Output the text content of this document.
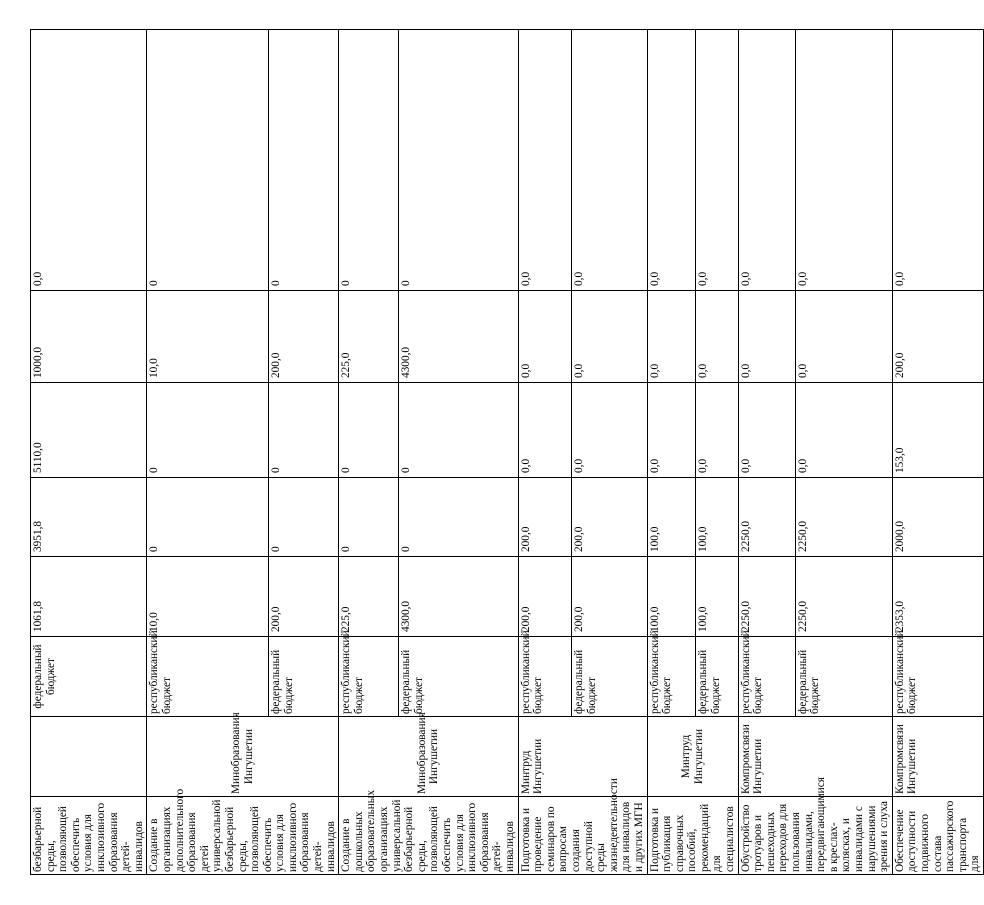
безбарьерной среды, позволяющей обеспечить условия для инклюзивного образования детей-инвалидов		федеральный бюджет	1061,8	3951,8	5110,0	1000,0	0,0
Создание в организациях дополнительного образования детей универсальной безбарьерной среды, позволяющей обеспечить условия для инклюзивного образования детей-инвалидов	Минобразования Ингушетии	республиканский бюджет	10,0	0	0	10,0	0
		федеральный бюджет	200,0	0	0	200,0	0
Создание в дошкольных образовательных организациях универсальной безбарьерной среды, позволяющей обеспечить условия для инклюзивного образования детей-инвалидов	Минобразования Ингушетии	республиканский бюджет	225,0	0	0	225,0	0
		федеральный бюджет	4300,0	0	0	4300,0	0
Подготовка и проведение семинаров по вопросам создания доступной среды жизнедеятельности для инвалидов и других МГН	Минтруд Ингушетии	республиканский бюджет	200,0	200,0	0,0	0,0	0,0
		федеральный бюджет	200,0	200,0	0,0	0,0	0,0
Подготовка и публикация справочных пособий, рекомендаций для специалистов	Минтруд Ингушетии	республиканский бюджет	100,0	100,0	0,0	0,0	0,0
		федеральный бюджет	100,0	100,0	0,0	0,0	0,0
Обустройство тротуаров и пешеходных переходов для пользования инвалидами, передвигающимися в креслах-колясках, и инвалидами с нарушениями зрения и слуха	Компромсвязи Ингушетии	республиканский бюджет	2250,0	2250,0	0,0	0,0	0,0
		федеральный бюджет	2250,0	2250,0	0,0	0,0	0,0
Обеспечение доступности подвижного состава пассажирского транспорта для	Компромсвязи Ингушетии	республиканский бюджет	2353,0	2000,0	153,0	200,0	0,0
